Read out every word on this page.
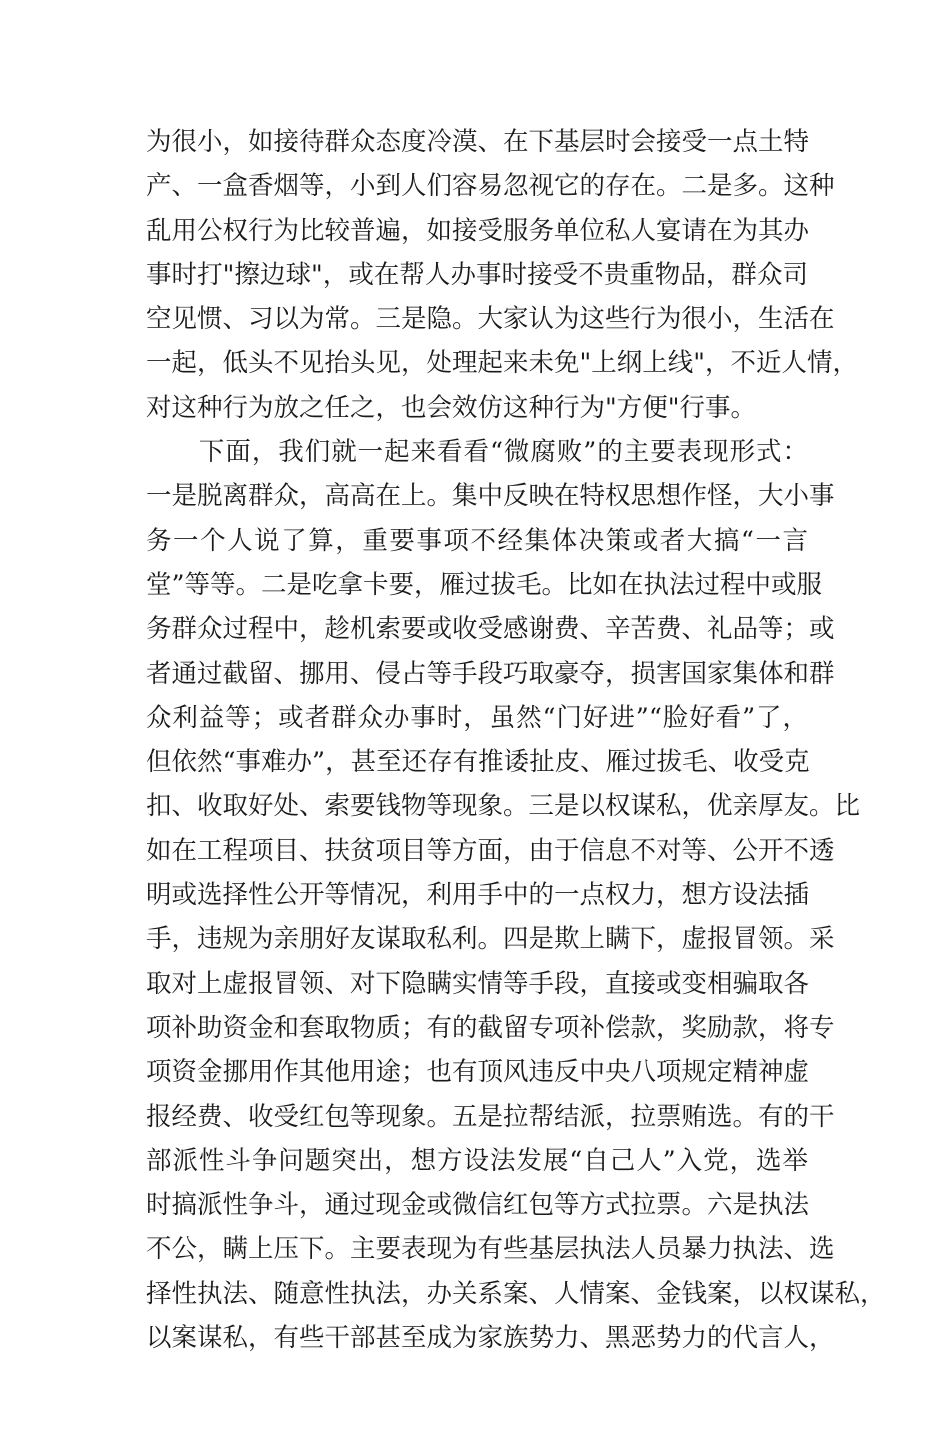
为很小，如接待群众态度冷漠、在下基层时会接受一点土特
产、一盒香烟等，小到人们容易忽视它的存在。二是多。这种
乱用公权行为比较普遍，如接受服务单位私人宴请在为其办
事时打"擦边球"，或在帮人办事时接受不贵重物品，群众司
空见惯、习以为常。三是隐。大家认为这些行为很小，生活在
一起，低头不见抬头见，处理起来未免"上纲上线"，不近人情，
对这种行为放之任之，也会效仿这种行为"方便"行事。
　　下面，我们就一起来看看“微腐败”的主要表现形式：
一是脱离群众，高高在上。集中反映在特权思想作怪，大小事
务一个人说了算，重要事项不经集体决策或者大搞“一言
堂”等等。二是吃拿卡要，雁过拔毛。比如在执法过程中或服
务群众过程中，趁机索要或收受感谢费、辛苦费、礼品等；或
者通过截留、挪用、侵占等手段巧取豪夺，损害国家集体和群
众利益等；或者群众办事时，虽然“门好进”“脸好看”了，
但依然“事难办”，甚至还存有推诿扯皮、雁过拔毛、收受克
扣、收取好处、索要钱物等现象。三是以权谋私，优亲厚友。比
如在工程项目、扶贫项目等方面，由于信息不对等、公开不透
明或选择性公开等情况，利用手中的一点权力，想方设法插
手，违规为亲朋好友谋取私利。四是欺上瞒下，虚报冒领。采
取对上虚报冒领、对下隐瞒实情等手段，直接或变相骗取各
项补助资金和套取物质；有的截留专项补偿款，奖励款，将专
项资金挪用作其他用途；也有顶风违反中央八项规定精神虚
报经费、收受红包等现象。五是拉帮结派，拉票贿选。有的干
部派性斗争问题突出，想方设法发展“自己人”入党，选举
时搞派性争斗，通过现金或微信红包等方式拉票。六是执法
不公，瞒上压下。主要表现为有些基层执法人员暴力执法、选
择性执法、随意性执法，办关系案、人情案、金钱案，以权谋私，
以案谋私，有些干部甚至成为家族势力、黑恶势力的代言人，
